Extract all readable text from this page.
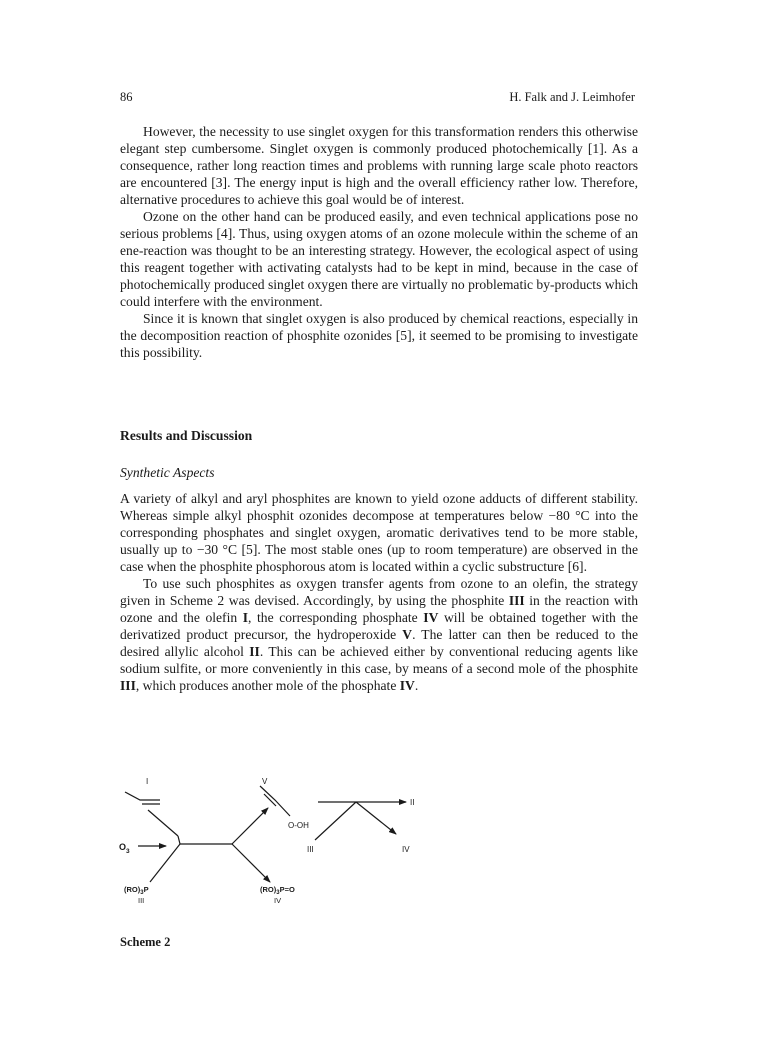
86	H. Falk and J. Leimhofer

However, the necessity to use singlet oxygen for this transformation renders this otherwise elegant step cumbersome. Singlet oxygen is commonly produced photochemically [1]. As a consequence, rather long reaction times and problems with running large scale photo reactors are encountered [3]. The energy input is high and the overall efficiency rather low. Therefore, alternative procedures to achieve this goal would be of interest.

Ozone on the other hand can be produced easily, and even technical applications pose no serious problems [4]. Thus, using oxygen atoms of an ozone molecule within the scheme of an ene-reaction was thought to be an interesting strategy. However, the ecological aspect of using this reagent together with activating catalysts had to be kept in mind, because in the case of photochemically produced singlet oxygen there are virtually no problematic by-products which could interfere with the environment.

Since it is known that singlet oxygen is also produced by chemical reactions, especially in the decomposition reaction of phosphite ozonides [5], it seemed to be promising to investigate this possibility.

Results and Discussion
Synthetic Aspects

A variety of alkyl and aryl phosphites are known to yield ozone adducts of different stability. Whereas simple alkyl phosphit ozonides decompose at temperatures below −80 °C into the corresponding phosphates and singlet oxygen, aromatic derivatives tend to be more stable, usually up to −30 °C [5]. The most stable ones (up to room temperature) are observed in the case when the phosphite phosphorous atom is located within a cyclic substructure [6].

To use such phosphites as oxygen transfer agents from ozone to an olefin, the strategy given in Scheme 2 was devised. Accordingly, by using the phosphite III in the reaction with ozone and the olefin I, the corresponding phosphate IV will be obtained together with the derivatized product precursor, the hydroperoxide V. The latter can then be reduced to the desired allylic alcohol II. This can be achieved either by conventional reducing agents like sodium sulfite, or more conveniently in this case, by means of a second mole of the phosphite III, which produces another mole of the phosphate IV.

I	V
O-OH
II
III	IV
$O_3$
$(RO)_3P$
III
$(RO)_3P=O$
IV
Scheme 2
